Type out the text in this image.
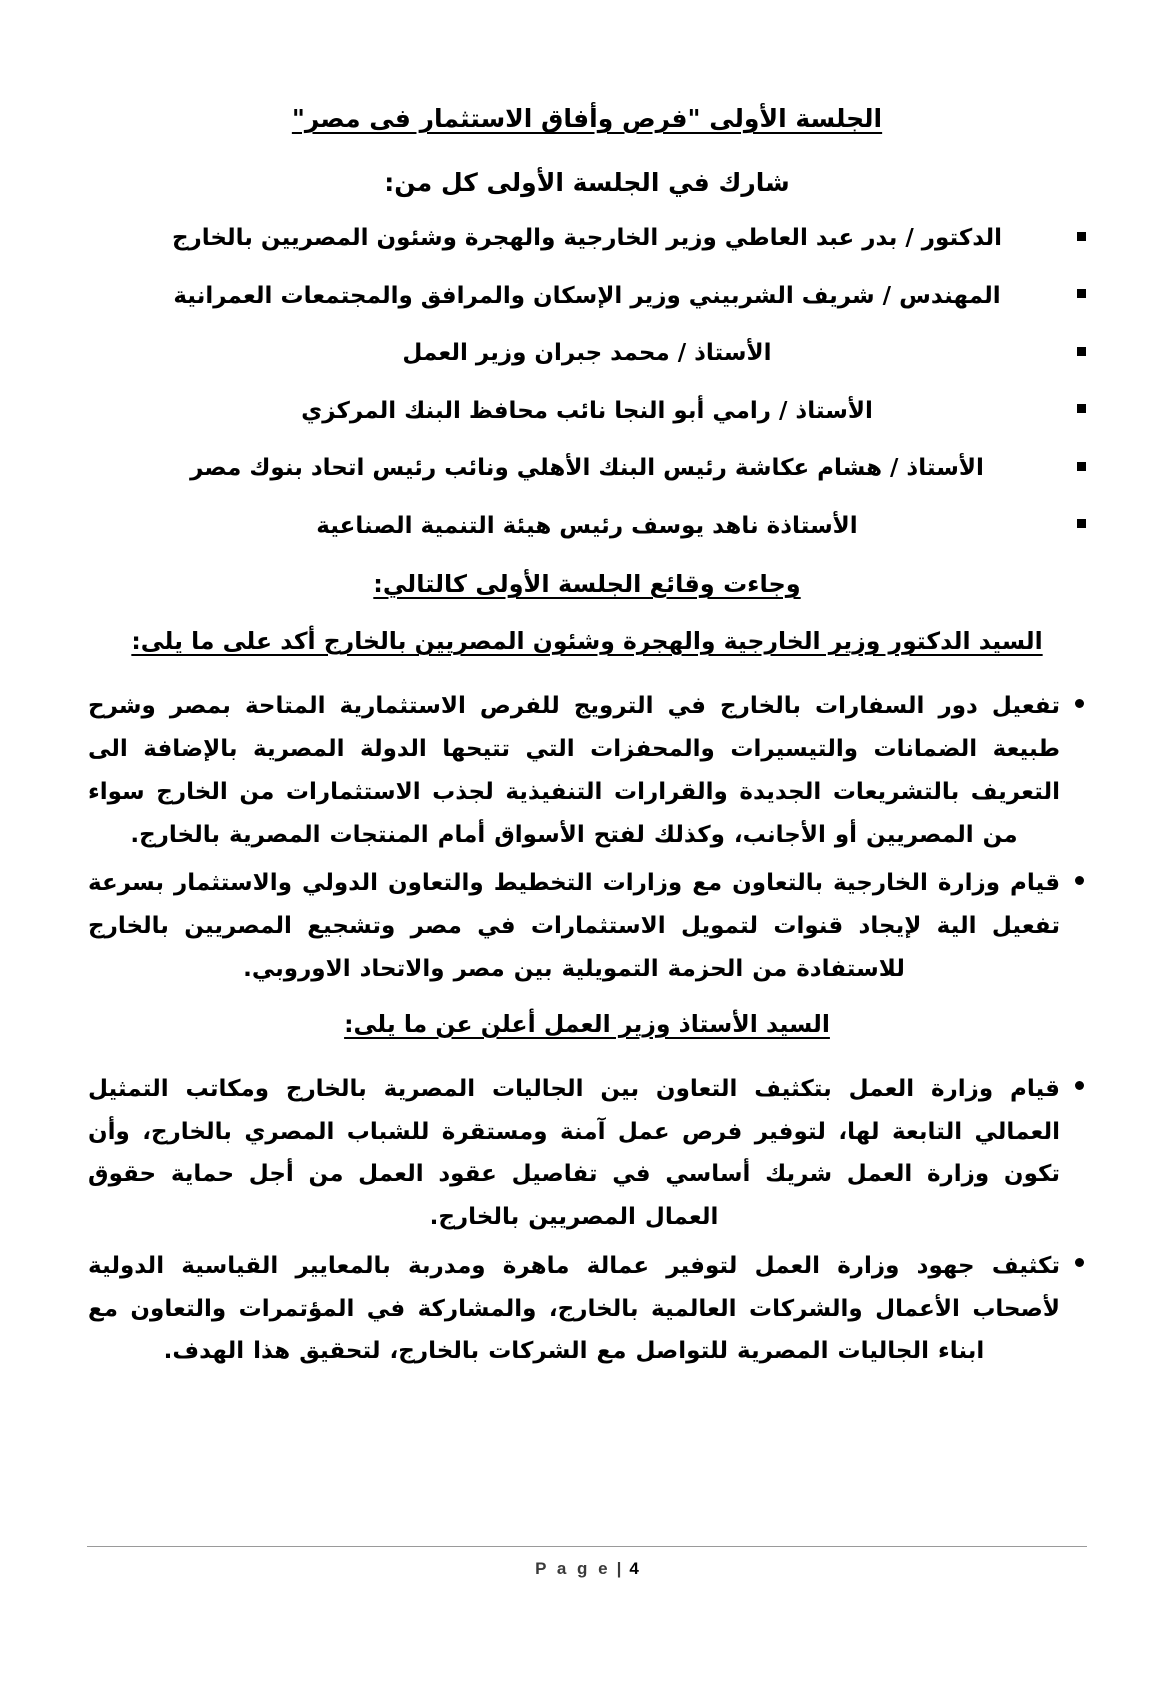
الجلسة الأولى "فرص وأفاق الاستثمار فى مصر"
شارك في الجلسة الأولى كل من:
الدكتور / بدر عبد العاطي وزير الخارجية والهجرة وشئون المصريين بالخارج
المهندس / شريف الشربيني وزير الإسكان والمرافق والمجتمعات العمرانية
الأستاذ / محمد جبران وزير العمل
الأستاذ / رامي أبو النجا نائب محافظ البنك المركزي
الأستاذ / هشام عكاشة رئيس البنك الأهلي ونائب رئيس اتحاد بنوك مصر
الأستاذة ناهد يوسف رئيس هيئة التنمية الصناعية
وجاءت وقائع الجلسة الأولى كالتالي:
السيد الدكتور وزير الخارجية والهجرة وشئون المصريين بالخارج أكد على ما يلى:
تفعيل دور السفارات بالخارج في الترويج للفرص الاستثمارية المتاحة بمصر وشرح طبيعة الضمانات والتيسيرات والمحفزات التي تتيحها الدولة المصرية بالإضافة الى التعريف بالتشريعات الجديدة والقرارات التنفيذية لجذب الاستثمارات من الخارج سواء من المصريين أو الأجانب، وكذلك لفتح الأسواق أمام المنتجات المصرية بالخارج.
قيام وزارة الخارجية بالتعاون مع وزارات التخطيط والتعاون الدولي والاستثمار بسرعة تفعيل الية لإيجاد قنوات لتمويل الاستثمارات في مصر وتشجيع المصريين بالخارج للاستفادة من الحزمة التمويلية بين مصر والاتحاد الاوروبي.
السيد الأستاذ وزير العمل أعلن عن ما يلى:
قيام وزارة العمل بتكثيف التعاون بين الجاليات المصرية بالخارج ومكاتب التمثيل العمالي التابعة لها، لتوفير فرص عمل آمنة ومستقرة للشباب المصري بالخارج، وأن تكون وزارة العمل شريك أساسي في تفاصيل عقود العمل من أجل حماية حقوق العمال المصريين بالخارج.
تكثيف جهود وزارة العمل لتوفير عمالة ماهرة ومدربة بالمعايير القياسية الدولية لأصحاب الأعمال والشركات العالمية بالخارج، والمشاركة في المؤتمرات والتعاون مع ابناء الجاليات المصرية للتواصل مع الشركات بالخارج، لتحقيق هذا الهدف.
P a g e | 4
